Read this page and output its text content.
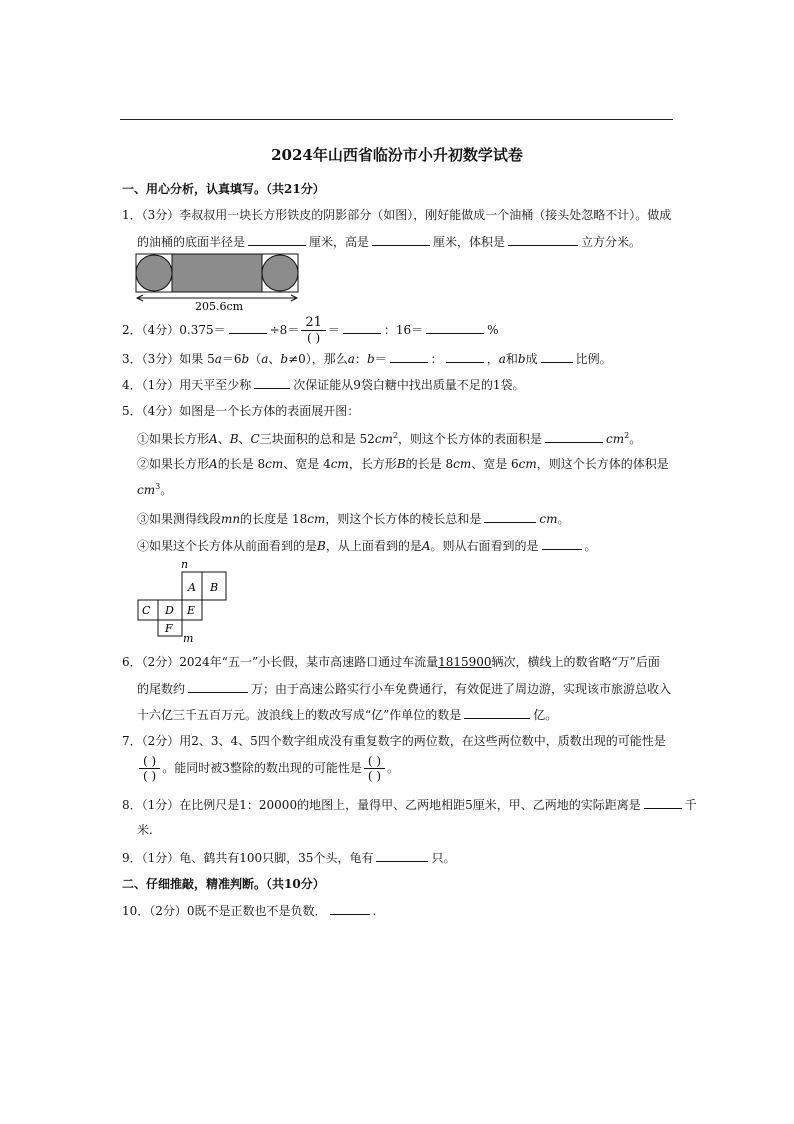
2024年山西省临汾市小升初数学试卷
一、用心分析，认真填写。（共21分）
1．（3分）李叔叔用一块长方形铁皮的阴影部分（如图），刚好能做成一个油桶（接头处忽略不计）。做成
的油桶的底面半径是	厘米，高是	厘米，体积是	立方分米。
205.6cm
2．（4分）0.375＝	$\div 8= \frac{21}{( )}$ ＝	：16＝	%
3．（3分）如果 5a＝6b（a、b≠0），那么a：b＝	：	，a和b成	比例。
4．（1分）用天平至少称	次保证能从9袋白糖中找出质量不足的1袋。
5．（4分）如图是一个长方体的表面展开图：
①如果长方形A、B、C三块面积的总和是 $52cm^2$，则这个长方体的表面积是	$cm^2$。
②如果长方形A的长是 8cm、宽是 4cm，长方形B的长是 8cm、宽是 6cm，则这个长方体的体积是
$cm^3$。
③如果测得线段mn的长度是 18cm，则这个长方体的棱长总和是	cm。
④如果这个长方体从前面看到的是B，从上面看到的是A。则从右面看到的是	。
n
A B
C D E
F
m
6．（2分）2024年“五一”小长假，某市高速路口通过车流量1815900辆次，横线上的数省略“万”后面
的尾数约	万；由于高速公路实行小车免费通行，有效促进了周边游，实现该市旅游总收入
十六亿三千五百万元。波浪线上的数改写成“亿”作单位的数是	亿。
7．（2分）用2、3、4、5四个数字组成没有重复数字的两位数，在这些两位数中，质数出现的可能性是
$\frac{( )}{( )}$ 。能同时被3整除的数出现的可能性是 $\frac{( )}{( )}$ 。
8．（1分）在比例尺是1：20000的地图上，量得甲、乙两地相距5厘米，甲、乙两地的实际距离是	千
米.
9．（1分）龟、鹤共有100只脚，35个头，龟有	只。
二、仔细推敲，精准判断。（共10分）
10．（2分）0既不是正数也不是负数．	.
